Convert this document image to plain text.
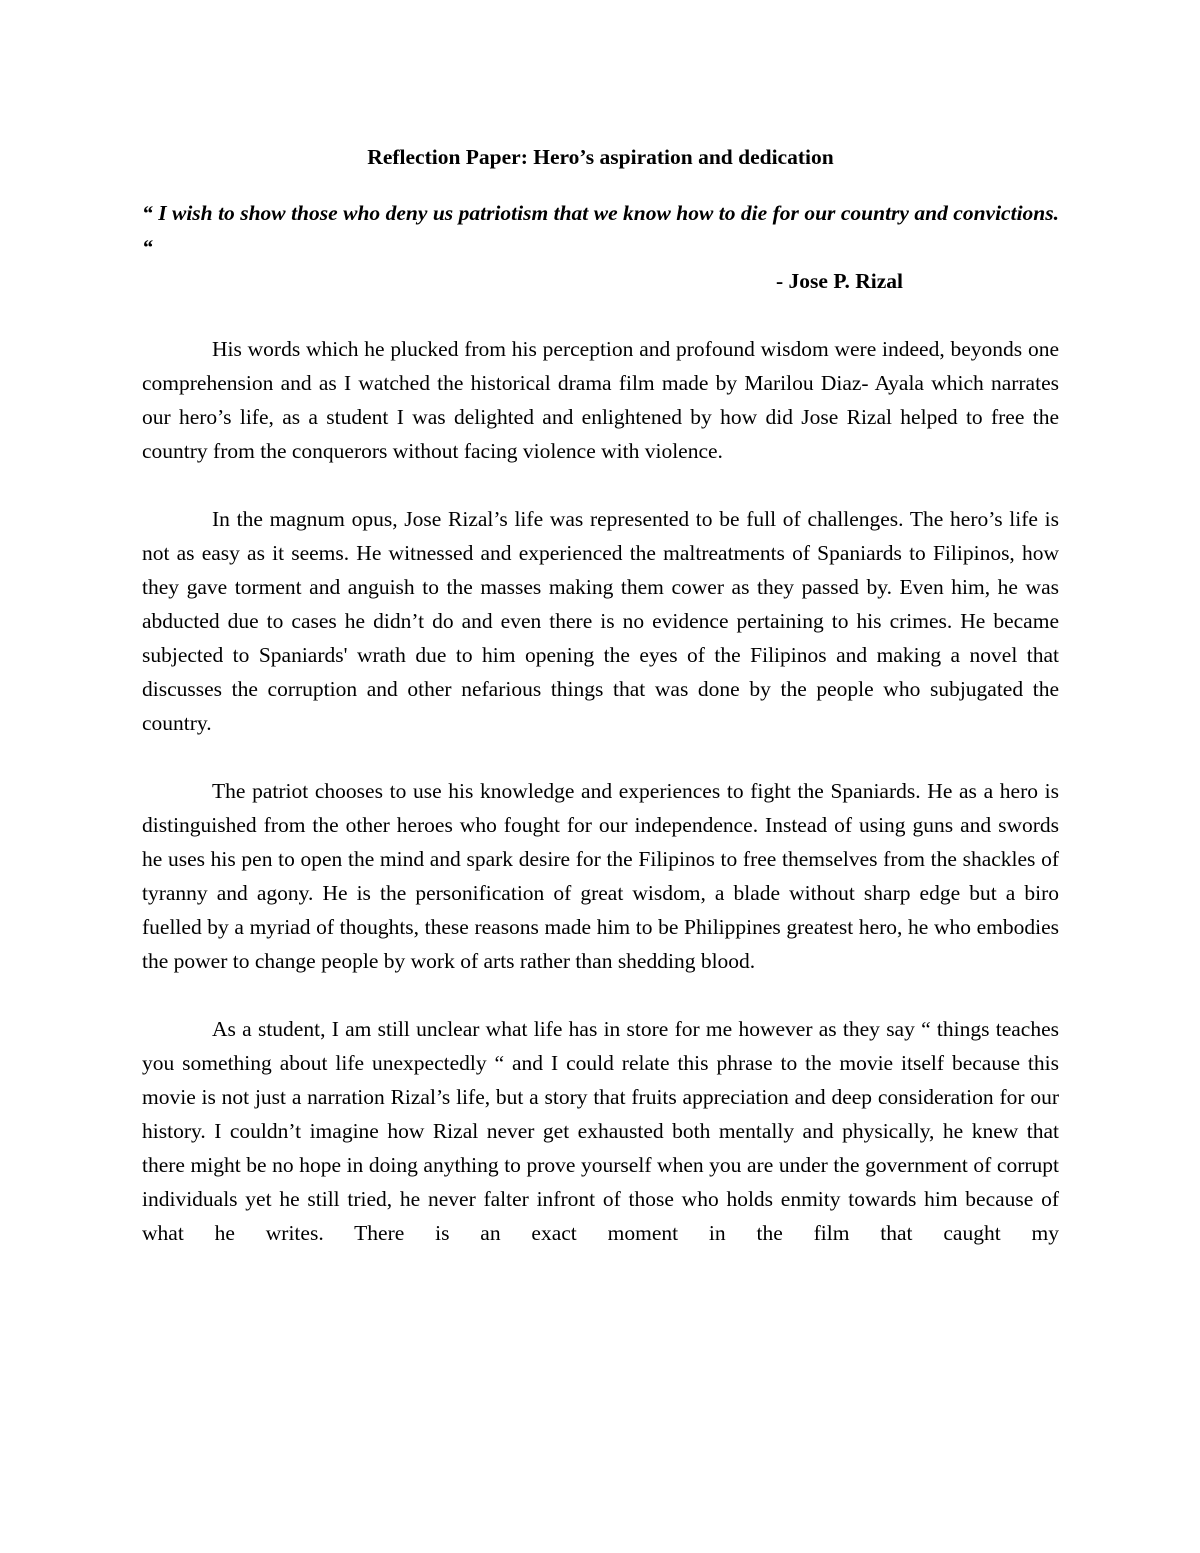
Reflection Paper: Hero’s aspiration and dedication

“ I wish to show those who deny us patriotism that we know how to die for our country and convictions. “

- Jose P. Rizal

His words which he plucked from his perception and profound wisdom were indeed, beyonds one comprehension and as I watched the historical drama film made by Marilou Diaz- Ayala which narrates our hero’s life, as a student I was delighted and enlightened by how did Jose Rizal helped to free the country from the conquerors without facing violence with violence.

In the magnum opus, Jose Rizal’s life was represented to be full of challenges. The hero’s life is not as easy as it seems. He witnessed and experienced the maltreatments of Spaniards to Filipinos, how they gave torment and anguish to the masses making them cower as they passed by. Even him, he was abducted due to cases he didn’t do and even there is no evidence pertaining to his crimes. He became subjected to Spaniards' wrath due to him opening the eyes of the Filipinos and making a novel that discusses the corruption and other nefarious things that was done by the people who subjugated the country.

The patriot chooses to use his knowledge and experiences to fight the Spaniards. He as a hero is distinguished from the other heroes who fought for our independence. Instead of using guns and swords he uses his pen to open the mind and spark desire for the Filipinos to free themselves from the shackles of tyranny and agony. He is the personification of great wisdom, a blade without sharp edge but a biro fuelled by a myriad of thoughts, these reasons made him to be Philippines greatest hero, he who embodies the power to change people by work of arts rather than shedding blood.

As a student, I am still unclear what life has in store for me however as they say “ things teaches you something about life unexpectedly “ and I could relate this phrase to the movie itself because this movie is not just a narration Rizal’s life, but a story that fruits appreciation and deep consideration for our history. I couldn’t imagine how Rizal never get exhausted both mentally and physically, he knew that there might be no hope in doing anything to prove yourself when you are under the government of corrupt individuals yet he still tried, he never falter infront of those who holds enmity towards him because of what he writes. There is an exact moment in the film that caught my
